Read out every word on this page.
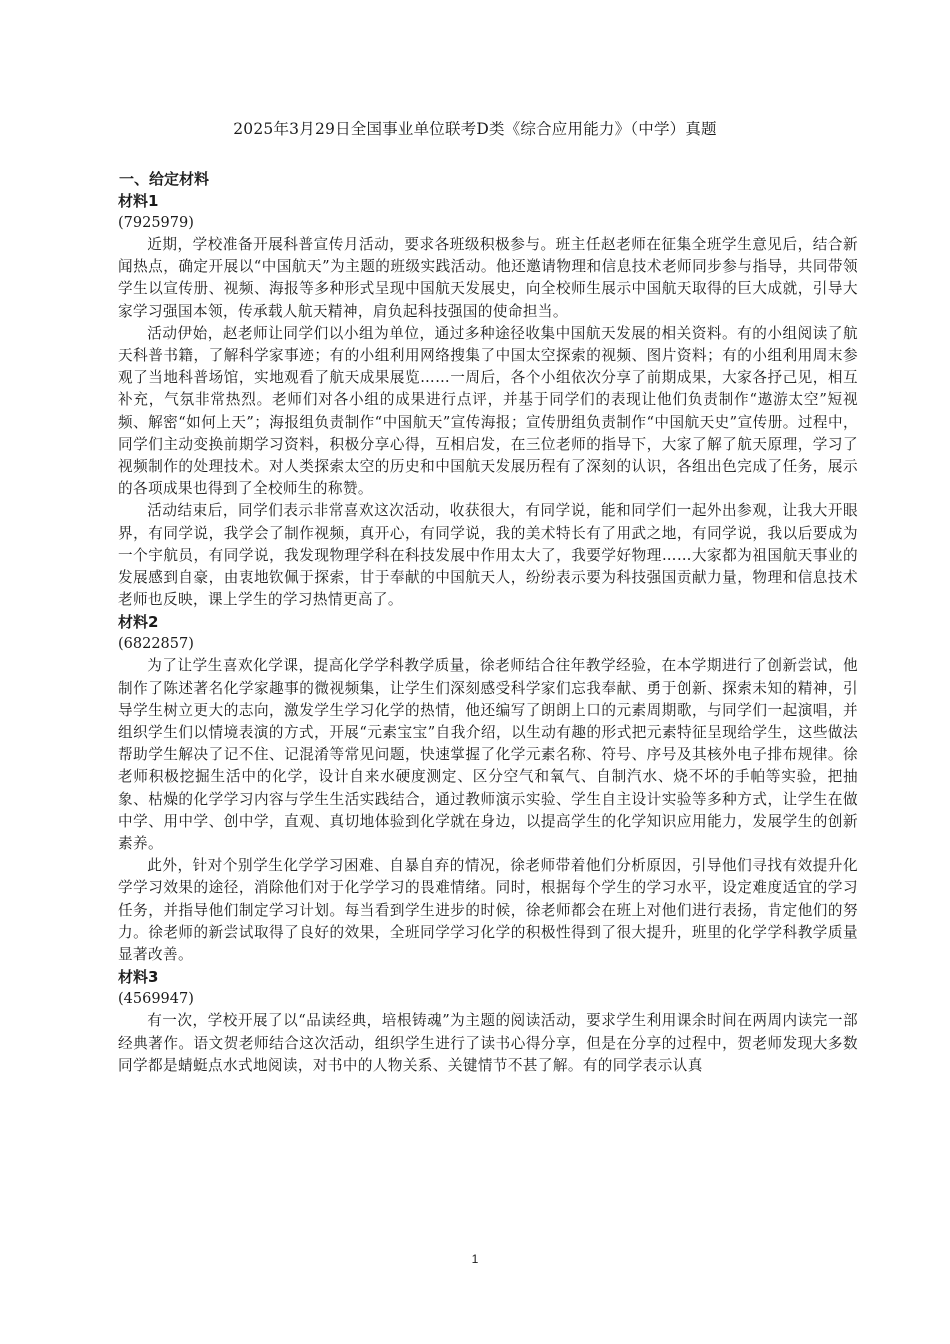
2025年3月29日全国事业单位联考D类《综合应用能力》（中学）真题
一、给定材料
材料1
(7925979)

近期，学校准备开展科普宣传月活动，要求各班级积极参与。班主任赵老师在征集全班学生意见后，结合新闻热点，确定开展以“中国航天”为主题的班级实践活动。他还邀请物理和信息技术老师同步参与指导，共同带领学生以宣传册、视频、海报等多种形式呈现中国航天发展史，向全校师生展示中国航天取得的巨大成就，引导大家学习强国本领，传承载人航天精神，肩负起科技强国的使命担当。

活动伊始，赵老师让同学们以小组为单位，通过多种途径收集中国航天发展的相关资料。有的小组阅读了航天科普书籍，了解科学家事迹；有的小组利用网络搜集了中国太空探索的视频、图片资料；有的小组利用周末参观了当地科普场馆，实地观看了航天成果展览……一周后，各个小组依次分享了前期成果，大家各抒己见，相互补充，气氛非常热烈。老师们对各小组的成果进行点评，并基于同学们的表现让他们负责制作“遨游太空”短视频、解密“如何上天”；海报组负责制作“中国航天”宣传海报；宣传册组负责制作“中国航天史”宣传册。过程中，同学们主动变换前期学习资料，积极分享心得，互相启发，在三位老师的指导下，大家了解了航天原理，学习了视频制作的处理技术。对人类探索太空的历史和中国航天发展历程有了深刻的认识，各组出色完成了任务，展示的各项成果也得到了全校师生的称赞。

活动结束后，同学们表示非常喜欢这次活动，收获很大，有同学说，能和同学们一起外出参观，让我大开眼界，有同学说，我学会了制作视频，真开心，有同学说，我的美术特长有了用武之地，有同学说，我以后要成为一个宇航员，有同学说，我发现物理学科在科技发展中作用太大了，我要学好物理……大家都为祖国航天事业的发展感到自豪，由衷地钦佩于探索，甘于奉献的中国航天人，纷纷表示要为科技强国贡献力量，物理和信息技术老师也反映，课上学生的学习热情更高了。

材料2
(6822857)

为了让学生喜欢化学课，提高化学学科教学质量，徐老师结合往年教学经验，在本学期进行了创新尝试，他制作了陈述著名化学家趣事的微视频集，让学生们深刻感受科学家们忘我奉献、勇于创新、探索未知的精神，引导学生树立更大的志向，激发学生学习化学的热情，他还编写了朗朗上口的元素周期歌，与同学们一起演唱，并组织学生们以情境表演的方式，开展“元素宝宝”自我介绍，以生动有趣的形式把元素特征呈现给学生，这些做法帮助学生解决了记不住、记混淆等常见问题，快速掌握了化学元素名称、符号、序号及其核外电子排布规律。徐老师积极挖掘生活中的化学，设计自来水硬度测定、区分空气和氧气、自制汽水、烧不坏的手帕等实验，把抽象、枯燥的化学学习内容与学生生活实践结合，通过教师演示实验、学生自主设计实验等多种方式，让学生在做中学、用中学、创中学，直观、真切地体验到化学就在身边，以提高学生的化学知识应用能力，发展学生的创新素养。

此外，针对个别学生化学学习困难、自暴自弃的情况，徐老师带着他们分析原因，引导他们寻找有效提升化学学习效果的途径，消除他们对于化学学习的畏难情绪。同时，根据每个学生的学习水平，设定难度适宜的学习任务，并指导他们制定学习计划。每当看到学生进步的时候，徐老师都会在班上对他们进行表扬，肯定他们的努力。徐老师的新尝试取得了良好的效果，全班同学学习化学的积极性得到了很大提升，班里的化学学科教学质量显著改善。

材料3
(4569947)

有一次，学校开展了以“品读经典，培根铸魂”为主题的阅读活动，要求学生利用课余时间在两周内读完一部经典著作。语文贺老师结合这次活动，组织学生进行了读书心得分享，但是在分享的过程中，贺老师发现大多数同学都是蜻蜓点水式地阅读，对书中的人物关系、关键情节不甚了解。有的同学表示认真

1
